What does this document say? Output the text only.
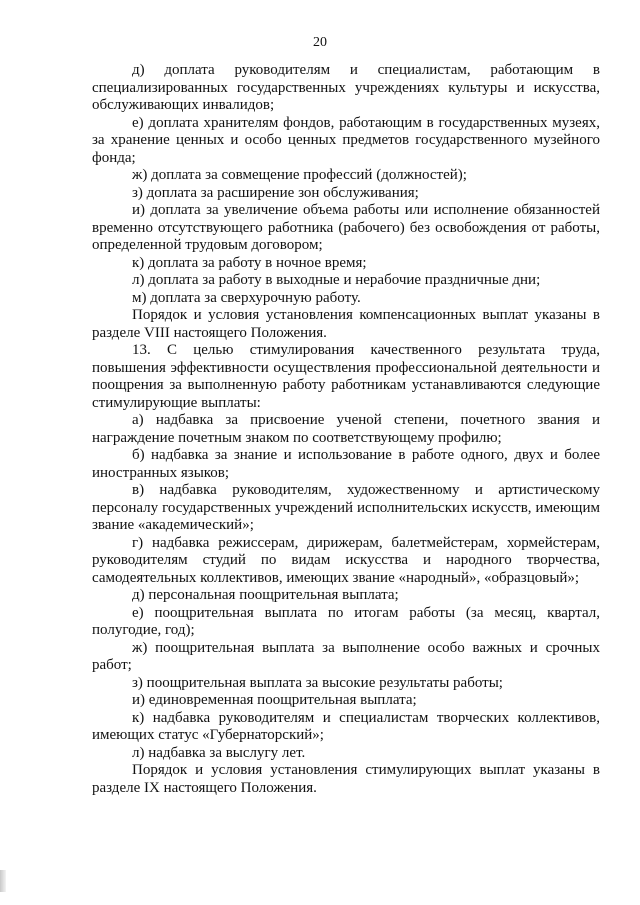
20

д) доплата руководителям и специалистам, работающим в специализированных государственных учреждениях культуры и искусства, обслуживающих инвалидов;

е) доплата хранителям фондов, работающим в государственных музеях, за хранение ценных и особо ценных предметов государственного музейного фонда;

ж) доплата за совмещение профессий (должностей);

з) доплата за расширение зон обслуживания;

и) доплата за увеличение объема работы или исполнение обязанностей временно отсутствующего работника (рабочего) без освобождения от работы, определенной трудовым договором;

к) доплата за работу в ночное время;

л) доплата за работу в выходные и нерабочие праздничные дни;

м) доплата за сверхурочную работу.

Порядок и условия установления компенсационных выплат указаны в разделе VIII настоящего Положения.

13. С целью стимулирования качественного результата труда, повышения эффективности осуществления профессиональной деятельности и поощрения за выполненную работу работникам устанавливаются следующие стимулирующие выплаты:

а) надбавка за присвоение ученой степени, почетного звания и награждение почетным знаком по соответствующему профилю;

б) надбавка за знание и использование в работе одного, двух и более иностранных языков;

в) надбавка руководителям, художественному и артистическому персоналу государственных учреждений исполнительских искусств, имеющим звание «академический»;

г) надбавка режиссерам, дирижерам, балетмейстерам, хормейстерам, руководителям студий по видам искусства и народного творчества, самодеятельных коллективов, имеющих звание «народный», «образцовый»;

д) персональная поощрительная выплата;

е) поощрительная выплата по итогам работы (за месяц, квартал, полугодие, год);

ж) поощрительная выплата за выполнение особо важных и срочных работ;

з) поощрительная выплата за высокие результаты работы;

и) единовременная поощрительная выплата;

к) надбавка руководителям и специалистам творческих коллективов, имеющих статус «Губернаторский»;

л) надбавка за выслугу лет.

Порядок и условия установления стимулирующих выплат указаны в разделе IX настоящего Положения.
